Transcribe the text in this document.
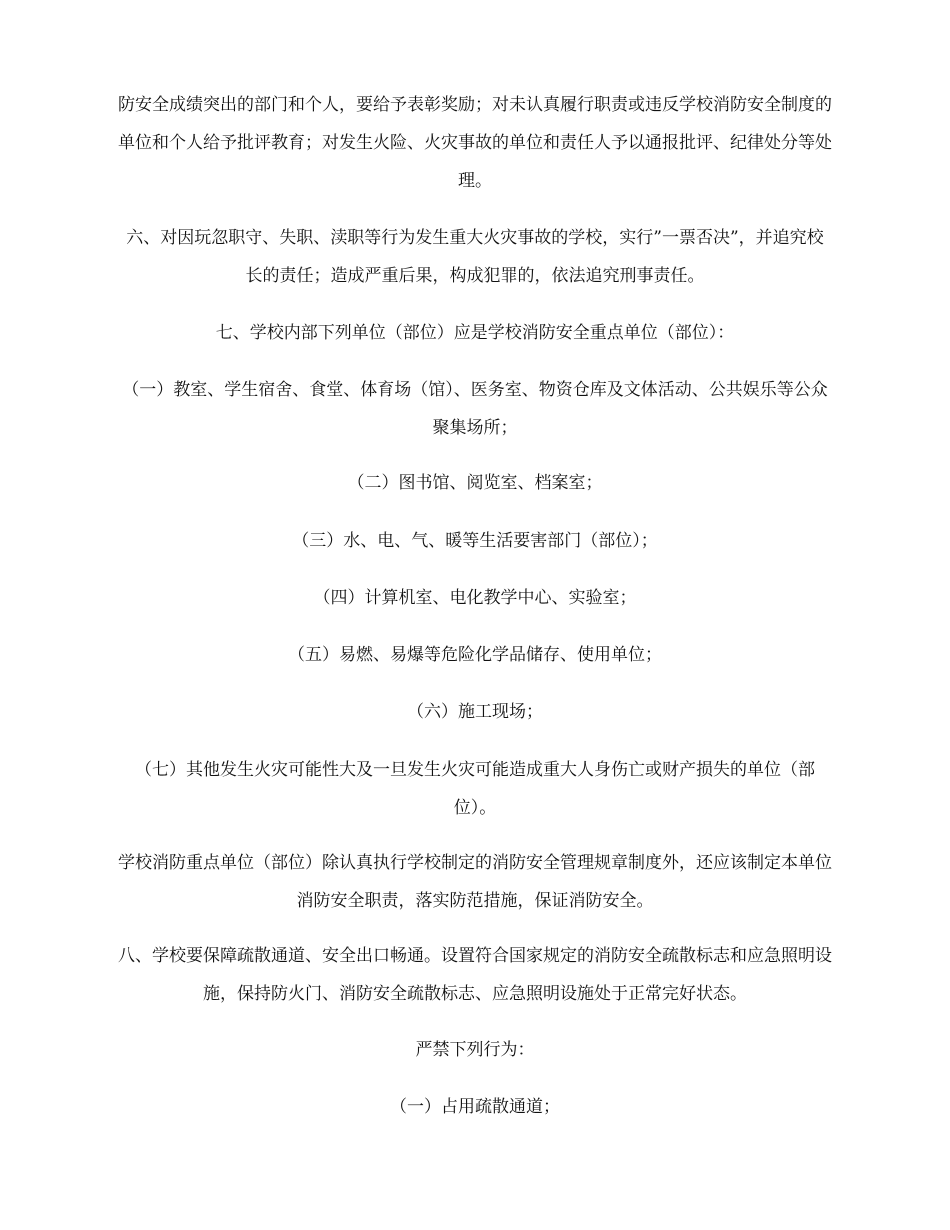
防安全成绩突出的部门和个人，要给予表彰奖励；对未认真履行职责或违反学校消防安全制度的单位和个人给予批评教育；对发生火险、火灾事故的单位和责任人予以通报批评、纪律处分等处理。

六、对因玩忽职守、失职、渎职等行为发生重大火灾事故的学校，实行”一票否决”，并追究校长的责任；造成严重后果，构成犯罪的，依法追究刑事责任。

七、学校内部下列单位（部位）应是学校消防安全重点单位（部位）：

（一）教室、学生宿舍、食堂、体育场（馆）、医务室、物资仓库及文体活动、公共娱乐等公众聚集场所；

（二）图书馆、阅览室、档案室；

（三）水、电、气、暖等生活要害部门（部位）；

（四）计算机室、电化教学中心、实验室；

（五）易燃、易爆等危险化学品储存、使用单位；

（六）施工现场；

（七）其他发生火灾可能性大及一旦发生火灾可能造成重大人身伤亡或财产损失的单位（部位）。

学校消防重点单位（部位）除认真执行学校制定的消防安全管理规章制度外，还应该制定本单位消防安全职责，落实防范措施，保证消防安全。

八、学校要保障疏散通道、安全出口畅通。设置符合国家规定的消防安全疏散标志和应急照明设施，保持防火门、消防安全疏散标志、应急照明设施处于正常完好状态。

严禁下列行为：

（一）占用疏散通道；
